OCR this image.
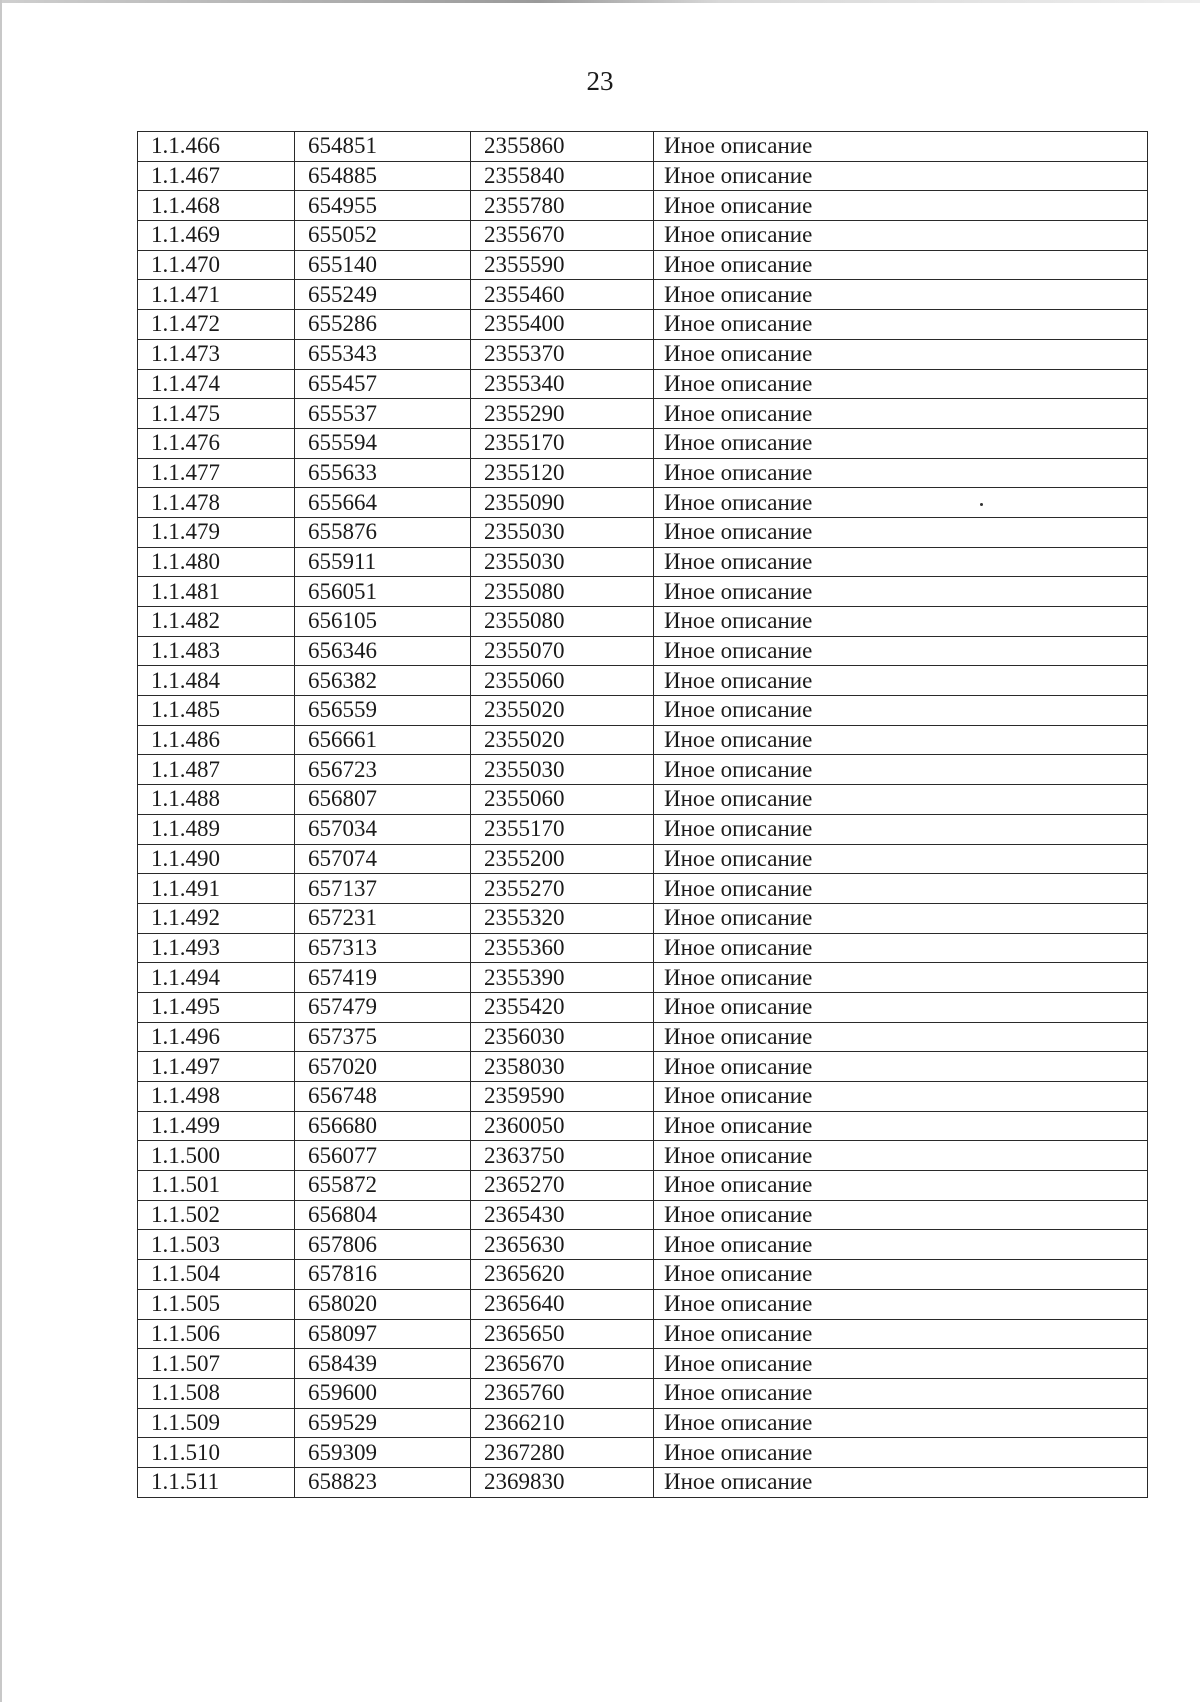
23
1.1.466	654851	2355860	Иное описание
1.1.467	654885	2355840	Иное описание
1.1.468	654955	2355780	Иное описание
1.1.469	655052	2355670	Иное описание
1.1.470	655140	2355590	Иное описание
1.1.471	655249	2355460	Иное описание
1.1.472	655286	2355400	Иное описание
1.1.473	655343	2355370	Иное описание
1.1.474	655457	2355340	Иное описание
1.1.475	655537	2355290	Иное описание
1.1.476	655594	2355170	Иное описание
1.1.477	655633	2355120	Иное описание
1.1.478	655664	2355090	Иное описание
1.1.479	655876	2355030	Иное описание
1.1.480	655911	2355030	Иное описание
1.1.481	656051	2355080	Иное описание
1.1.482	656105	2355080	Иное описание
1.1.483	656346	2355070	Иное описание
1.1.484	656382	2355060	Иное описание
1.1.485	656559	2355020	Иное описание
1.1.486	656661	2355020	Иное описание
1.1.487	656723	2355030	Иное описание
1.1.488	656807	2355060	Иное описание
1.1.489	657034	2355170	Иное описание
1.1.490	657074	2355200	Иное описание
1.1.491	657137	2355270	Иное описание
1.1.492	657231	2355320	Иное описание
1.1.493	657313	2355360	Иное описание
1.1.494	657419	2355390	Иное описание
1.1.495	657479	2355420	Иное описание
1.1.496	657375	2356030	Иное описание
1.1.497	657020	2358030	Иное описание
1.1.498	656748	2359590	Иное описание
1.1.499	656680	2360050	Иное описание
1.1.500	656077	2363750	Иное описание
1.1.501	655872	2365270	Иное описание
1.1.502	656804	2365430	Иное описание
1.1.503	657806	2365630	Иное описание
1.1.504	657816	2365620	Иное описание
1.1.505	658020	2365640	Иное описание
1.1.506	658097	2365650	Иное описание
1.1.507	658439	2365670	Иное описание
1.1.508	659600	2365760	Иное описание
1.1.509	659529	2366210	Иное описание
1.1.510	659309	2367280	Иное описание
1.1.511	658823	2369830	Иное описание
